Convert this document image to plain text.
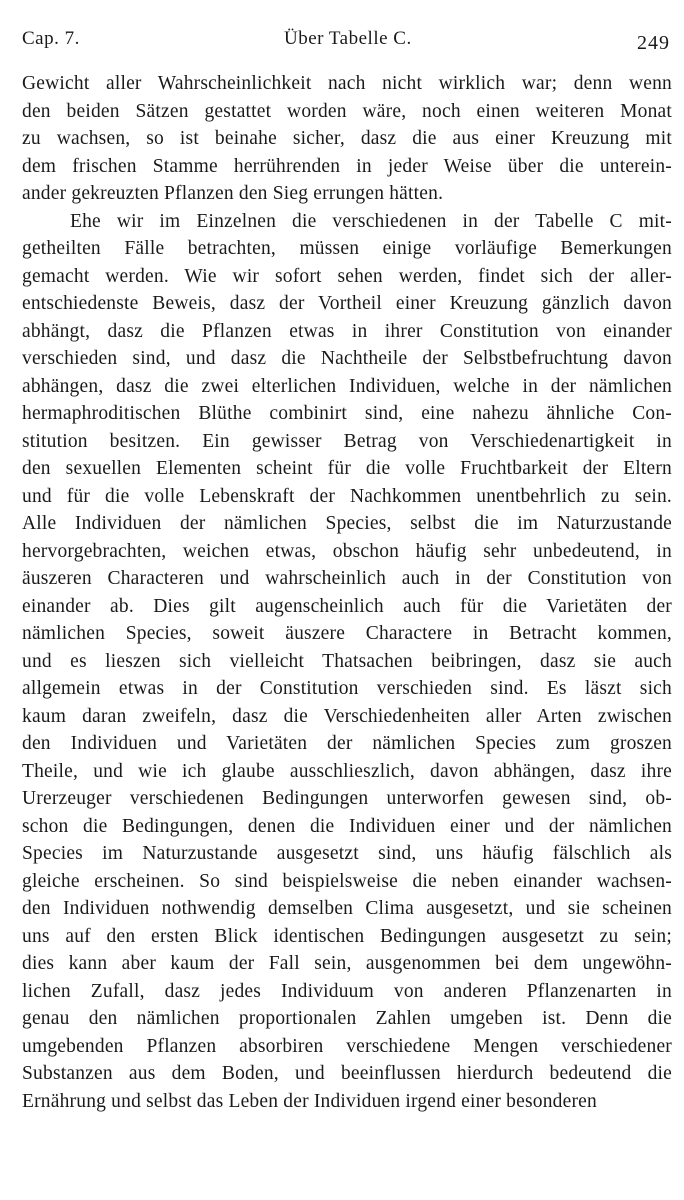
Cap. 7.	Über Tabelle C.	249
Gewicht aller Wahrscheinlichkeit nach nicht wirklich war; denn wenn
den beiden Sätzen gestattet worden wäre, noch einen weiteren Monat
zu wachsen, so ist beinahe sicher, dasz die aus einer Kreuzung mit
dem frischen Stamme herrührenden in jeder Weise über die unterein-
ander gekreuzten Pflanzen den Sieg errungen hätten.
Ehe wir im Einzelnen die verschiedenen in der Tabelle C mit-
getheilten Fälle betrachten, müssen einige vorläufige Bemerkungen
gemacht werden. Wie wir sofort sehen werden, findet sich der aller-
entschiedenste Beweis, dasz der Vortheil einer Kreuzung gänzlich davon
abhängt, dasz die Pflanzen etwas in ihrer Constitution von einander
verschieden sind, und dasz die Nachtheile der Selbstbefruchtung davon
abhängen, dasz die zwei elterlichen Individuen, welche in der nämlichen
hermaphroditischen Blüthe combinirt sind, eine nahezu ähnliche Con-
stitution besitzen. Ein gewisser Betrag von Verschiedenartigkeit in
den sexuellen Elementen scheint für die volle Fruchtbarkeit der Eltern
und für die volle Lebenskraft der Nachkommen unentbehrlich zu sein.
Alle Individuen der nämlichen Species, selbst die im Naturzustande
hervorgebrachten, weichen etwas, obschon häufig sehr unbedeutend, in
äuszeren Characteren und wahrscheinlich auch in der Constitution von
einander ab. Dies gilt augenscheinlich auch für die Varietäten der
nämlichen Species, soweit äuszere Charactere in Betracht kommen,
und es lieszen sich vielleicht Thatsachen beibringen, dasz sie auch
allgemein etwas in der Constitution verschieden sind. Es läszt sich
kaum daran zweifeln, dasz die Verschiedenheiten aller Arten zwischen
den Individuen und Varietäten der nämlichen Species zum groszen
Theile, und wie ich glaube ausschlieszlich, davon abhängen, dasz ihre
Urerzeuger verschiedenen Bedingungen unterworfen gewesen sind, ob-
schon die Bedingungen, denen die Individuen einer und der nämlichen
Species im Naturzustande ausgesetzt sind, uns häufig fälschlich als
gleiche erscheinen. So sind beispielsweise die neben einander wachsen-
den Individuen nothwendig demselben Clima ausgesetzt, und sie scheinen
uns auf den ersten Blick identischen Bedingungen ausgesetzt zu sein;
dies kann aber kaum der Fall sein, ausgenommen bei dem ungewöhn-
lichen Zufall, dasz jedes Individuum von anderen Pflanzenarten in
genau den nämlichen proportionalen Zahlen umgeben ist. Denn die
umgebenden Pflanzen absorbiren verschiedene Mengen verschiedener
Substanzen aus dem Boden, und beeinflussen hierdurch bedeutend die
Ernährung und selbst das Leben der Individuen irgend einer besonderen
